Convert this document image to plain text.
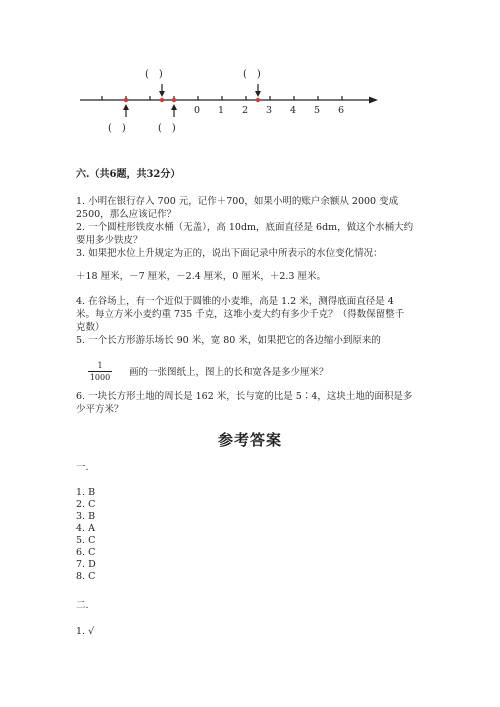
0 1 2 3 4 5 6
(　)	(　)
(　)	(　)
六.（共6题，共32分）
1. 小明在银行存入 700 元，记作＋700，如果小明的账户余额从 2000 变成
2500，那么应该记作？
2. 一个圆柱形铁皮水桶（无盖），高 10dm，底面直径是 6dm，做这个水桶大约
要用多少铁皮？
3. 如果把水位上升规定为正的，说出下面记录中所表示的水位变化情况：
＋18 厘米，－7 厘米，－2.4 厘米，0 厘米，＋2.3 厘米。
4. 在谷场上，有一个近似于圆锥的小麦堆，高是 1.2 米，测得底面直径是 4
米。每立方米小麦约重 735 千克，这堆小麦大约有多少千克？（得数保留整千
克数）
5. 一个长方形游乐场长 90 米，宽 80 米，如果把它的各边缩小到原来的
1
1000 画的一张图纸上，图上的长和宽各是多少厘米？
6. 一块长方形土地的周长是 162 米，长与宽的比是 5∶4，这块土地的面积是多
少平方米？
参考答案
一.
1. B
2. C
3. B
4. A
5. C
6. C
7. D
8. C
二.
1. √
